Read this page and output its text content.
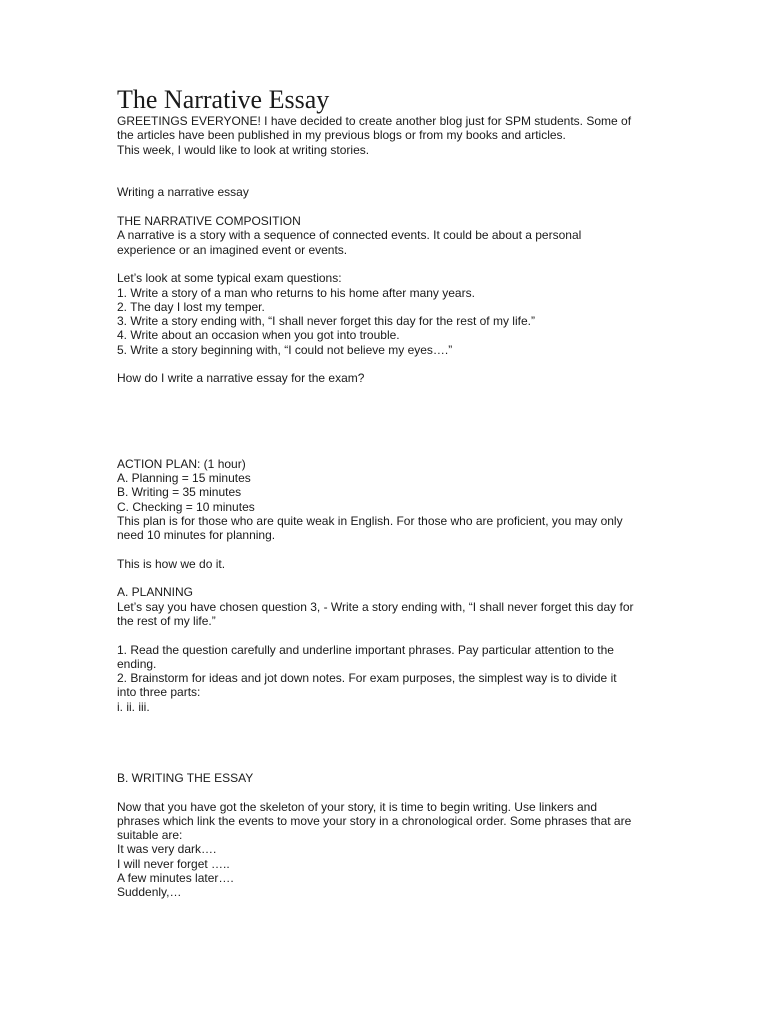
The Narrative Essay
GREETINGS EVERYONE! I have decided to create another blog just for SPM students. Some of
the articles have been published in my previous blogs or from my books and articles.
This week, I would like to look at writing stories.
Writing a narrative essay
THE NARRATIVE COMPOSITION
A narrative is a story with a sequence of connected events. It could be about a personal
experience or an imagined event or events.
Let’s look at some typical exam questions:
1. Write a story of a man who returns to his home after many years.
2. The day I lost my temper.
3. Write a story ending with, “I shall never forget this day for the rest of my life.”
4. Write about an occasion when you got into trouble.
5. Write a story beginning with, “I could not believe my eyes….”
How do I write a narrative essay for the exam?
ACTION PLAN: (1 hour)
A. Planning = 15 minutes
B. Writing = 35 minutes
C. Checking = 10 minutes
This plan is for those who are quite weak in English. For those who are proficient, you may only
need 10 minutes for planning.
This is how we do it.
A. PLANNING
Let’s say you have chosen question 3, - Write a story ending with, “I shall never forget this day for
the rest of my life.”
1. Read the question carefully and underline important phrases. Pay particular attention to the
ending.
2. Brainstorm for ideas and jot down notes. For exam purposes, the simplest way is to divide it
into three parts:
i. ii. iii.
B. WRITING THE ESSAY
Now that you have got the skeleton of your story, it is time to begin writing. Use linkers and
phrases which link the events to move your story in a chronological order. Some phrases that are
suitable are:
It was very dark….
I will never forget …..
A few minutes later….
Suddenly,…
